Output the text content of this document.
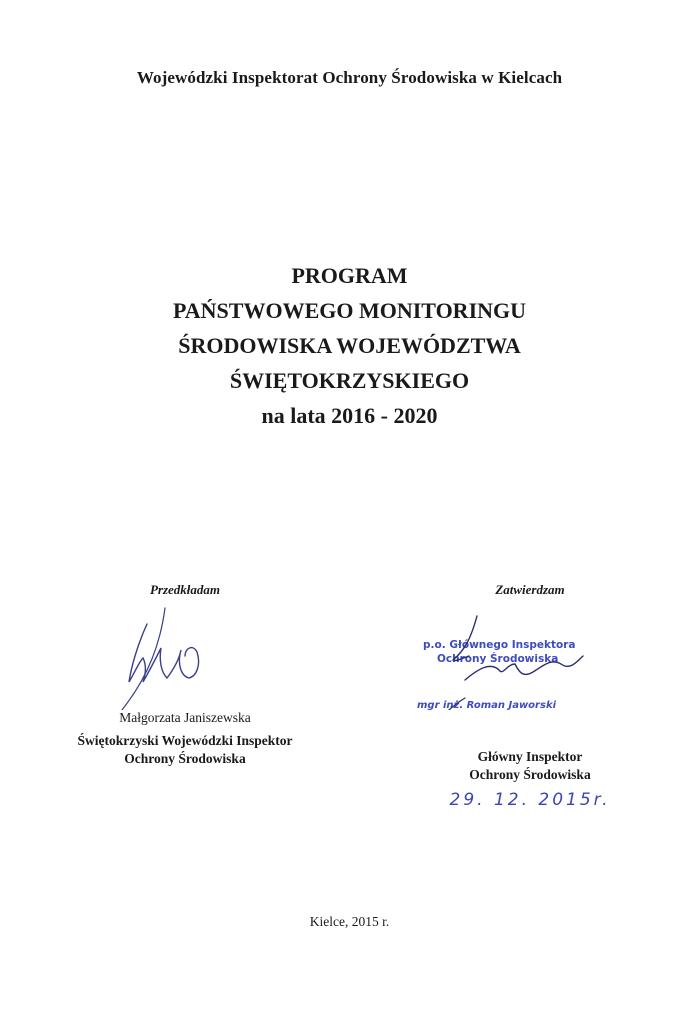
Wojewódzki Inspektorat Ochrony Środowiska w Kielcach
PROGRAM
PAŃSTWOWEGO MONITORINGU
ŚRODOWISKA WOJEWÓDZTWA
ŚWIĘTOKRZYSKIEGO
na lata 2016 - 2020
Przedkładam
Małgorzata Janiszewska
Świętokrzyski Wojewódzki Inspektor
Ochrony Środowiska
Zatwierdzam
p.o. Głównego Inspektora
Ochrony Środowiska
mgr inż. Roman Jaworski
Główny Inspektor
Ochrony Środowiska
29. 12. 2015r.
Kielce, 2015 r.
